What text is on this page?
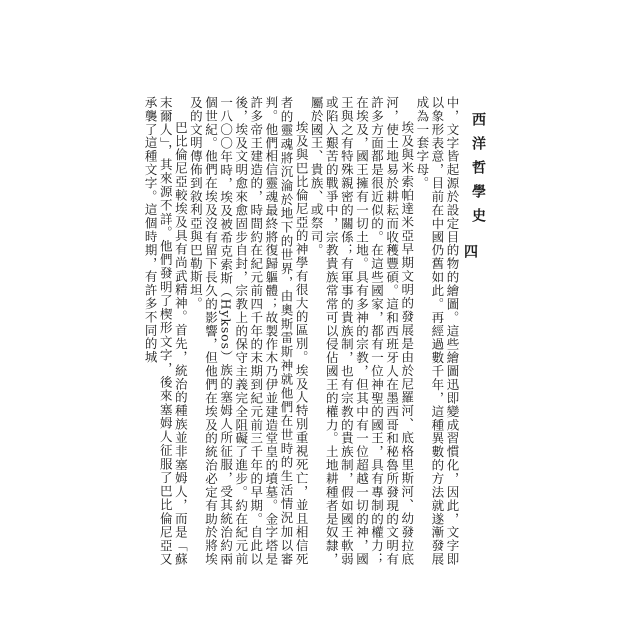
西洋哲學史
四

中，文字皆起源於設定目的物的繪圖。這些繪圖迅即變成習慣化，因此，文字即以象形表意，目前在中國仍舊如此。再經過數千年，這種異數的方法就遂漸發展成為一套字母。

埃及與米索帕達米亞早期文明的發展是由於尼羅河、底格里斯河、幼發拉底河，使土地易於耕耘而收穫豐碩。這和西班牙人在墨西哥和秘魯所發現的文明有許多方面都是很近似的。在這些國家，都有一位神聖的國王，具有專制的權力；在埃及，國王擁有一切土地。具有多神的宗教，但其中有一位超越一切的神，國王與之有特殊親密的關係；有軍事的貴族制，也有宗教的貴族制，假如國王軟弱或陷入艱苦的戰爭中，宗教貴族常常可以侵佔國王的權力。土地耕種者是奴隸，屬於國王、貴族、或祭司。

埃及與巴比倫尼亞的神學有很大的區別。埃及人特別重視死亡，並且相信死者的靈魂將沉淪於地下的世界，由奧斯雷斯神就他們在世時的生活情況加以審判。他們相信靈魂最終將復歸軀體；故製作木乃伊並建造堂皇的墳墓。金字塔是許多帝王建造的，時間約在紀元前四千年的末期到紀元前三千年的早期。自此以後，埃及文明愈來愈固步自封，宗教上的保守主義完全阻礙了進步。約在紀元前一八〇〇年時，埃及被希克索斯（Hyksos）族的塞姆人所征服，受其統治約兩個世紀。他們在埃及沒有留下長久的影響，但他們在埃及的統治必定有助於將埃及的文明傳佈到敘利亞與巴勒斯坦。

巴比倫尼亞較埃及具有尚武精神。首先，統治的種族並非塞姆人，而是「蘇末爾人」，其來源不詳。他們發明了楔形文字，後來塞姆人征服了巴比倫尼亞又承襲了這種文字。這個時期，有許多不同的城
